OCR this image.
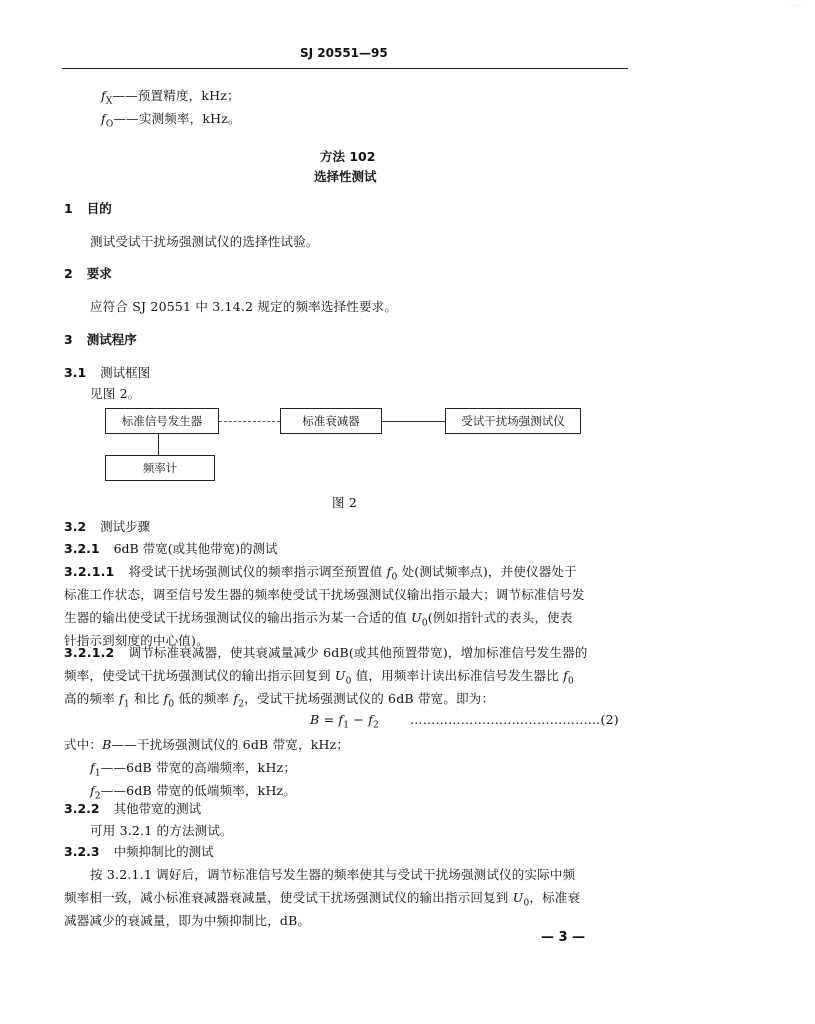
·········
SJ 20551—95
$f_X——$预置精度，kHz；
$f_O——$实测频率，kHz。
方法 102
选择性测试
1 目的
测试受试干扰场强测试仪的选择性试验。
2 要求
应符合 SJ 20551 中 3.14.2 规定的频率选择性要求。
3 测试程序
3.1 测试框图
见图 2。
标准信号发生器	标准衰减器	受试干扰场强测试仪
频率计
图 2
3.2 测试步骤
3.2.1 6dB 带宽(或其他带宽)的测试
3.2.1.1 将受试干扰场强测试仪的频率指示调至预置值 $f_0$ 处(测试频率点)，并使仪器处于
标准工作状态，调至信号发生器的频率使受试干扰场强测试仪输出指示最大；调节标准信号发
生器的输出使受试干扰场强测试仪的输出指示为某一合适的值 $U_0$(例如指针式的表头，使表
针指示到刻度的中心值)。
3.2.1.2 调节标准衰减器，使其衰减量减少 6dB(或其他预置带宽)，增加标准信号发生器的
频率，使受试干扰场强测试仪的输出指示回复到 $U_0$ 值，用频率计读出标准信号发生器比 $f_0$
高的频率 $f_1$ 和比 $f_0$ 低的频率 $f_2$，受试干扰场强测试仪的 6dB 带宽。即为：
$B = f_1 - f_2$ ………………………………………(2)
式中：B——干扰场强测试仪的 6dB 带宽，kHz；
$f_1——6dB$ 带宽的高端频率，kHz；
$f_2——6dB$ 带宽的低端频率，kHz。
3.2.2 其他带宽的测试
可用 3.2.1 的方法测试。
3.2.3 中频抑制比的测试
按 3.2.1.1 调好后，调节标准信号发生器的频率使其与受试干扰场强测试仪的实际中频
频率相一致，减小标准衰减器衰减量，使受试干扰场强测试仪的输出指示回复到 $U_0$，标准衰
减器减少的衰减量，即为中频抑制比，dB。
— 3 —
